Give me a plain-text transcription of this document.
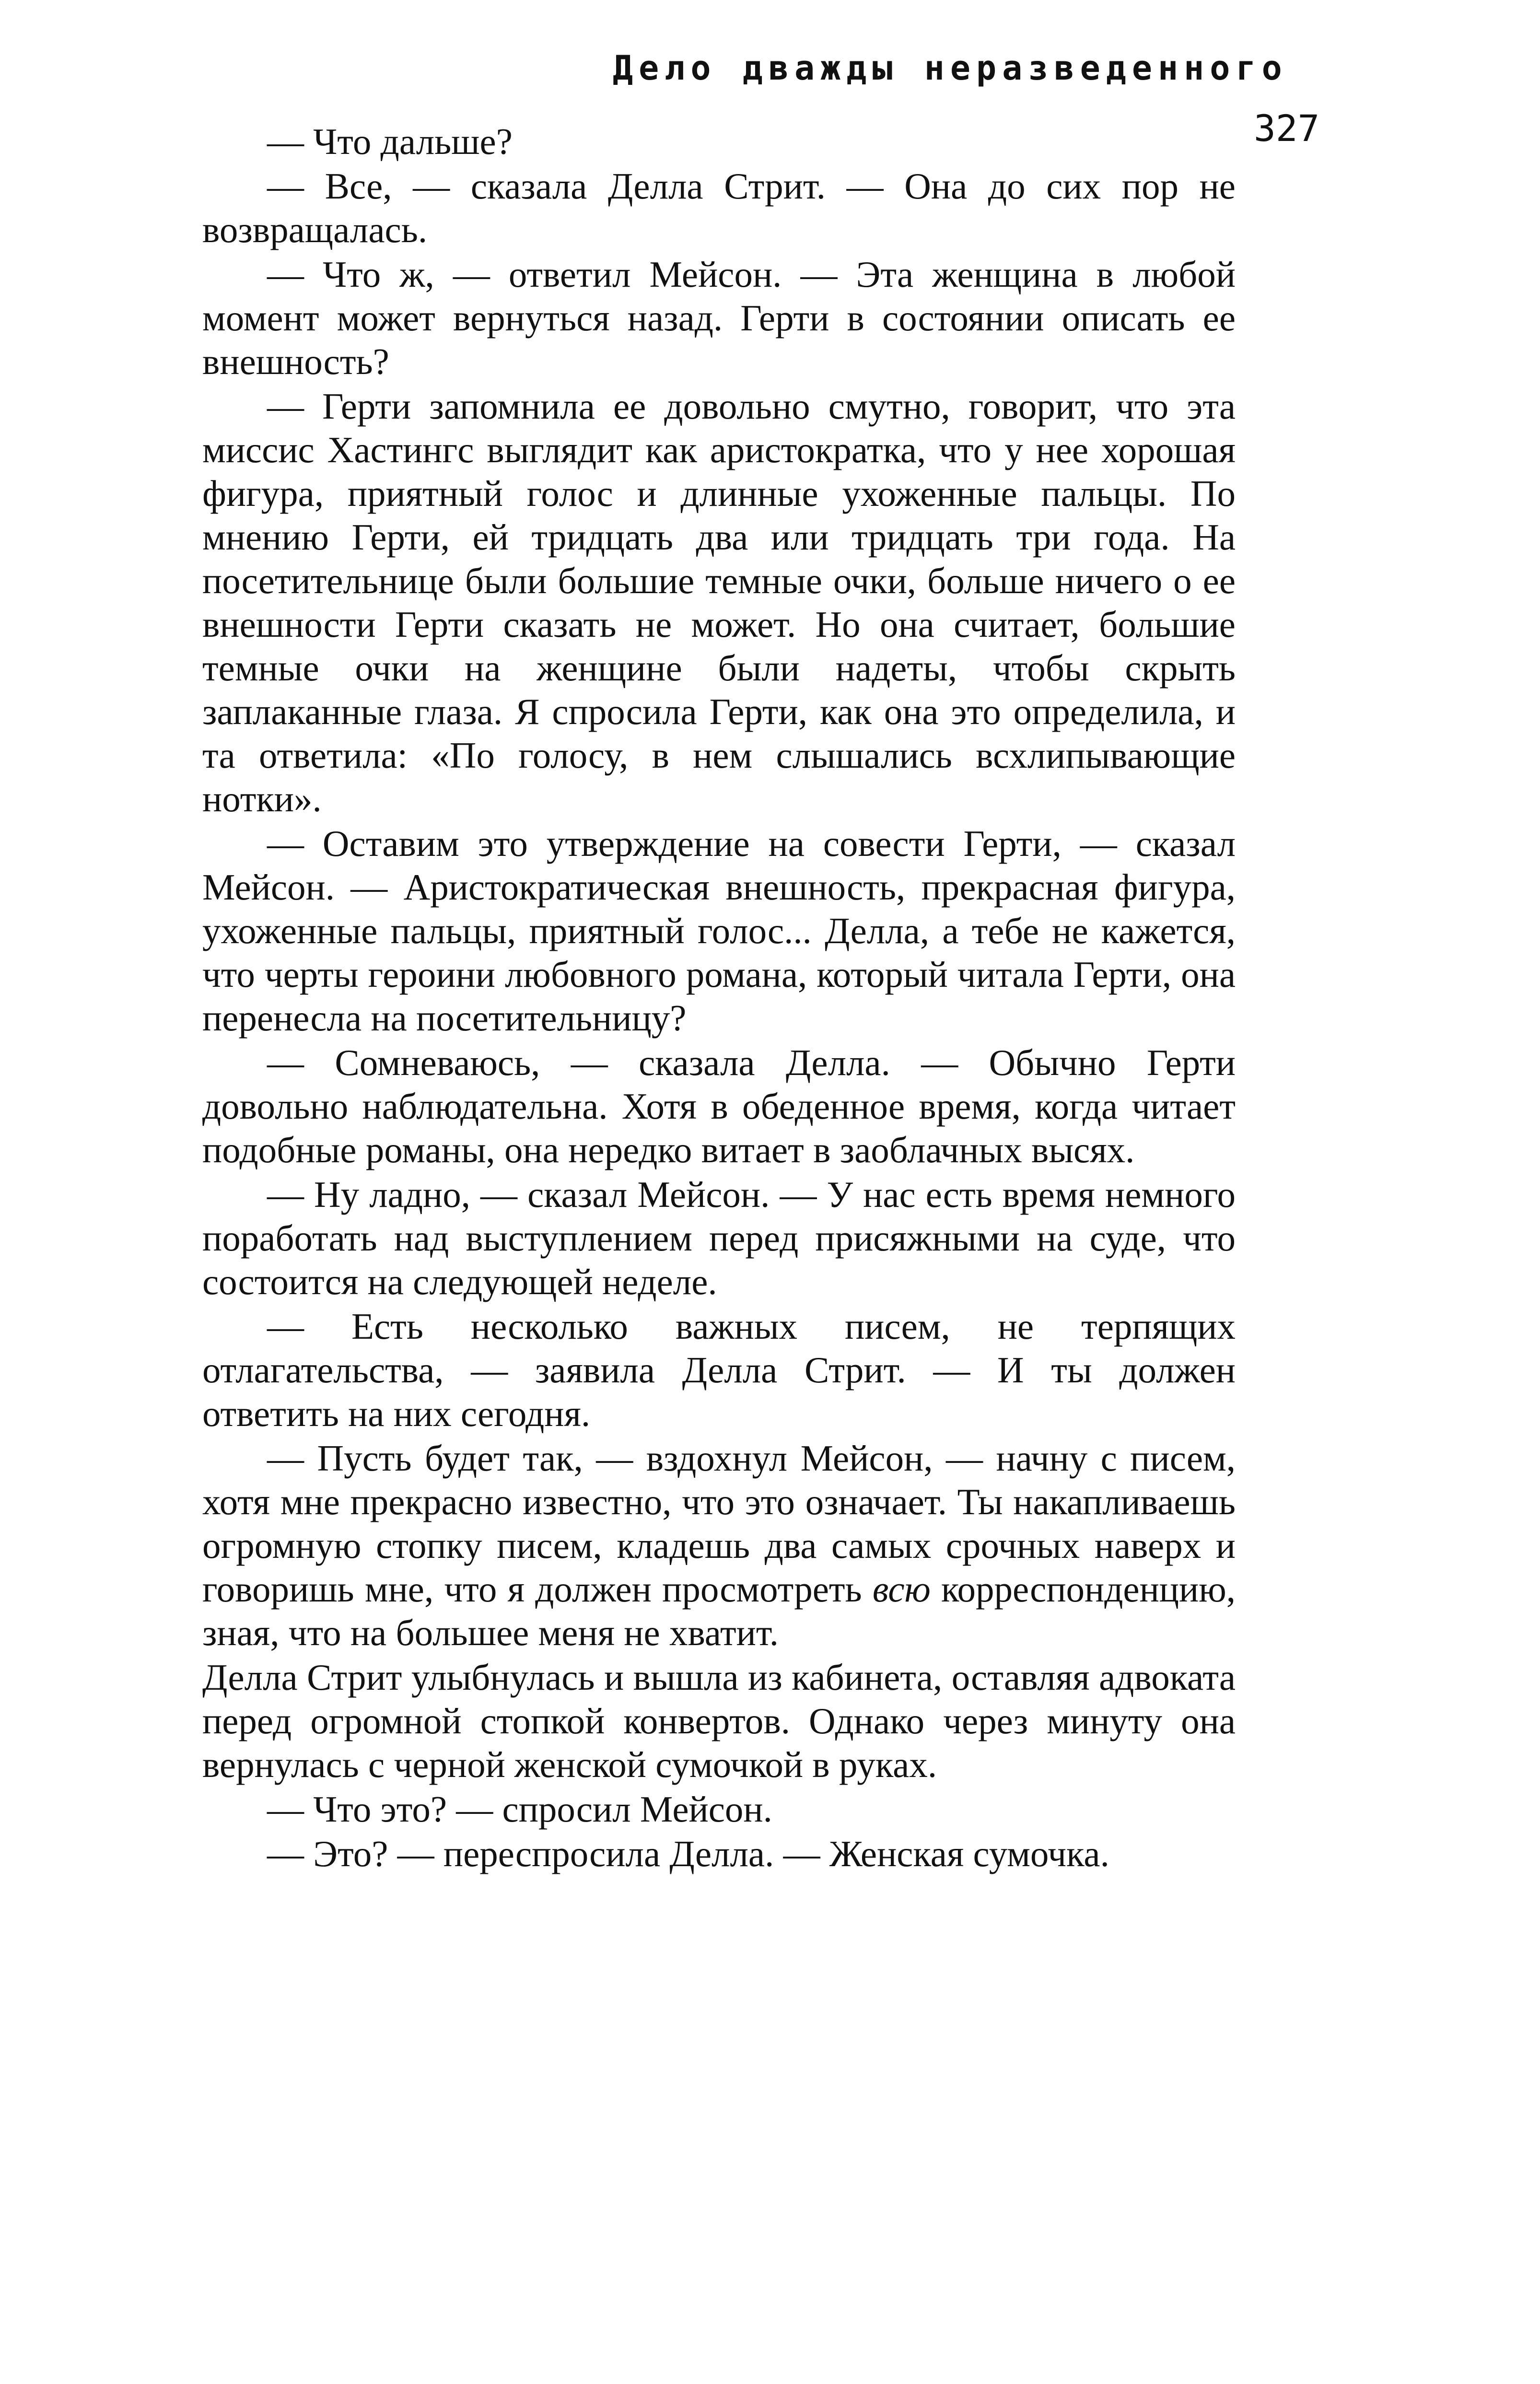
Дело дважды неразведенного
327

— Что дальше?

— Все, — сказала Делла Стрит. — Она до сих пор не возвращалась.

— Что ж, — ответил Мейсон. — Эта женщина в любой момент может вернуться назад. Герти в состоянии описать ее внешность?

— Герти запомнила ее довольно смутно, говорит, что эта миссис Хастингс выглядит как аристократка, что у нее хорошая фигура, приятный голос и длинные ухоженные пальцы. По мнению Герти, ей тридцать два или тридцать три года. На посетительнице были большие темные очки, больше ничего о ее внешности Герти сказать не может. Но она считает, большие темные очки на женщине были надеты, чтобы скрыть заплаканные глаза. Я спросила Герти, как она это определила, и та ответила: «По голосу, в нем слышались всхлипывающие нотки».

— Оставим это утверждение на совести Герти, — сказал Мейсон. — Аристократическая внешность, прекрасная фигура, ухоженные пальцы, приятный голос... Делла, а тебе не кажется, что черты героини любовного романа, который читала Герти, она перенесла на посетительницу?

— Сомневаюсь, — сказала Делла. — Обычно Герти довольно наблюдательна. Хотя в обеденное время, когда читает подобные романы, она нередко витает в заоблачных высях.

— Ну ладно, — сказал Мейсон. — У нас есть время немного поработать над выступлением перед присяжными на суде, что состоится на следующей неделе.

— Есть несколько важных писем, не терпящих отлагательства, — заявила Делла Стрит. — И ты должен ответить на них сегодня.

— Пусть будет так, — вздохнул Мейсон, — начну с писем, хотя мне прекрасно известно, что это означает. Ты накапливаешь огромную стопку писем, кладешь два самых срочных наверх и говоришь мне, что я должен просмотреть всю корреспонденцию, зная, что на большее меня не хватит.

Делла Стрит улыбнулась и вышла из кабинета, оставляя адвоката перед огромной стопкой конвертов. Однако через минуту она вернулась с черной женской сумочкой в руках.

— Что это? — спросил Мейсон.

— Это? — переспросила Делла. — Женская сумочка.
